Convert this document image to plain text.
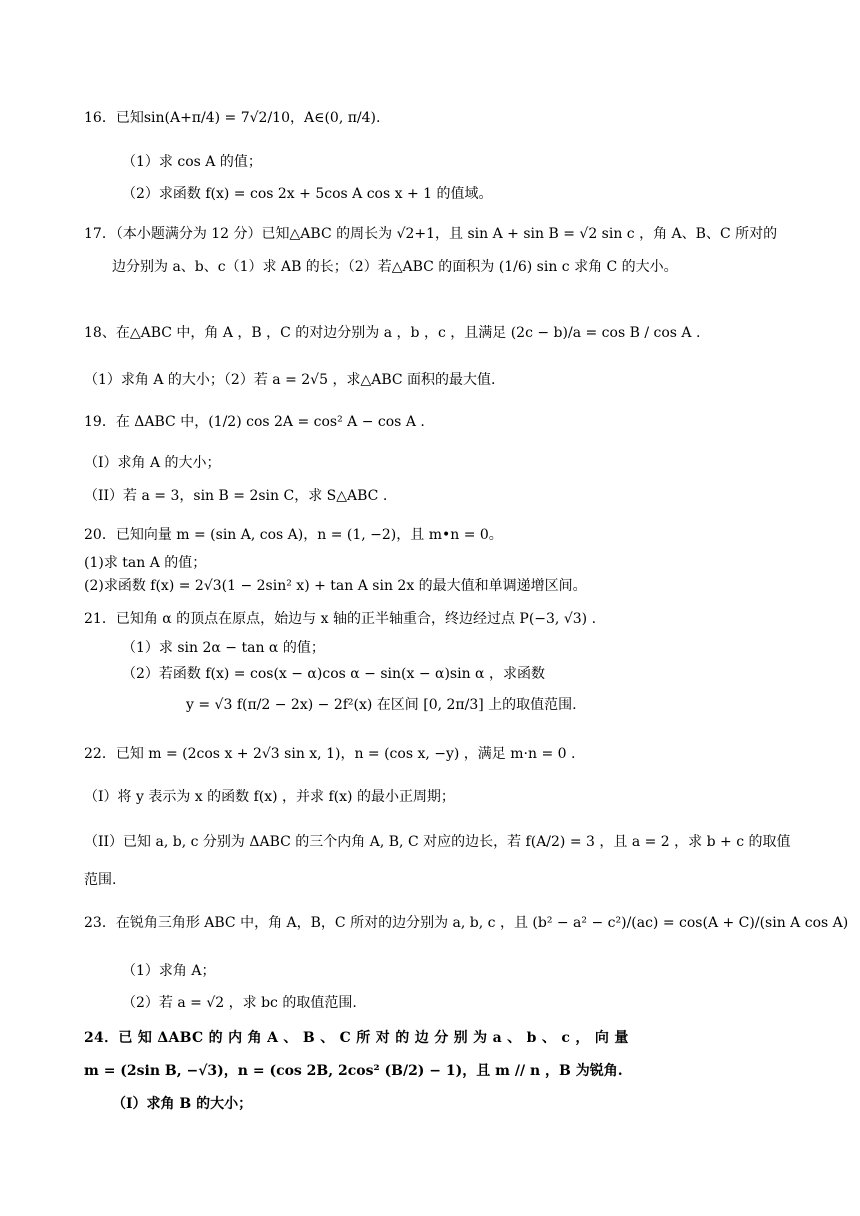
16．已知sin(A+π/4) = 7√2/10，A∈(0, π/4).
（1）求 cos A 的值；
（2）求函数 f(x) = cos 2x + 5cos A cos x + 1 的值域。
17．（本小题满分为 12 分）已知△ABC 的周长为 √2+1，且 sin A + sin B = √2 sin c ，角 A、B、C 所对的
边分别为 a、b、c（1）求 AB 的长；（2）若△ABC 的面积为 (1/6) sin c 求角 C 的大小。
18、在△ABC 中，角 A ，B ，C 的对边分别为 a ，b ，c ，且满足 (2c − b)/a = cos B / cos A .
（1）求角 A 的大小；（2）若 a = 2√5 ，求△ABC 面积的最大值.
19．在 ΔABC 中，(1/2) cos 2A = cos² A − cos A .
（I）求角 A 的大小；
（II）若 a = 3，sin B = 2sin C，求 S△ABC .
20．已知向量 m = (sin A, cos A)，n = (1, −2)，且 m•n = 0。
(1)求 tan A 的值；
(2)求函数 f(x) = 2√3(1 − 2sin² x) + tan A sin 2x 的最大值和单调递增区间。
21．已知角 α 的顶点在原点，始边与 x 轴的正半轴重合，终边经过点 P(−3, √3) .
（1）求 sin 2α − tan α 的值；
（2）若函数 f(x) = cos(x − α)cos α − sin(x − α)sin α ，求函数
y = √3 f(π/2 − 2x) − 2f²(x) 在区间 [0, 2π/3] 上的取值范围.
22．已知 m = (2cos x + 2√3 sin x, 1)，n = (cos x, −y) ，满足 m·n = 0 .
（I）将 y 表示为 x 的函数 f(x) ，并求 f(x) 的最小正周期；
（II）已知 a, b, c 分别为 ΔABC 的三个内角 A, B, C 对应的边长，若 f(A/2) = 3 ，且 a = 2 ，求 b + c 的取值
范围.
23．在锐角三角形 ABC 中，角 A，B，C 所对的边分别为 a, b, c ，且 (b² − a² − c²)/(ac) = cos(A + C)/(sin A cos A)
（1）求角 A；
（2）若 a = √2 ，求 bc 的取值范围.
24．已 知 ΔABC 的 内 角 A 、 B 、 C 所 对 的 边 分 别 为 a 、 b 、 c ， 向 量
m = (2sin B, −√3)，n = (cos 2B, 2cos² (B/2) − 1)，且 m // n ，B 为锐角.
（I）求角 B 的大小；
